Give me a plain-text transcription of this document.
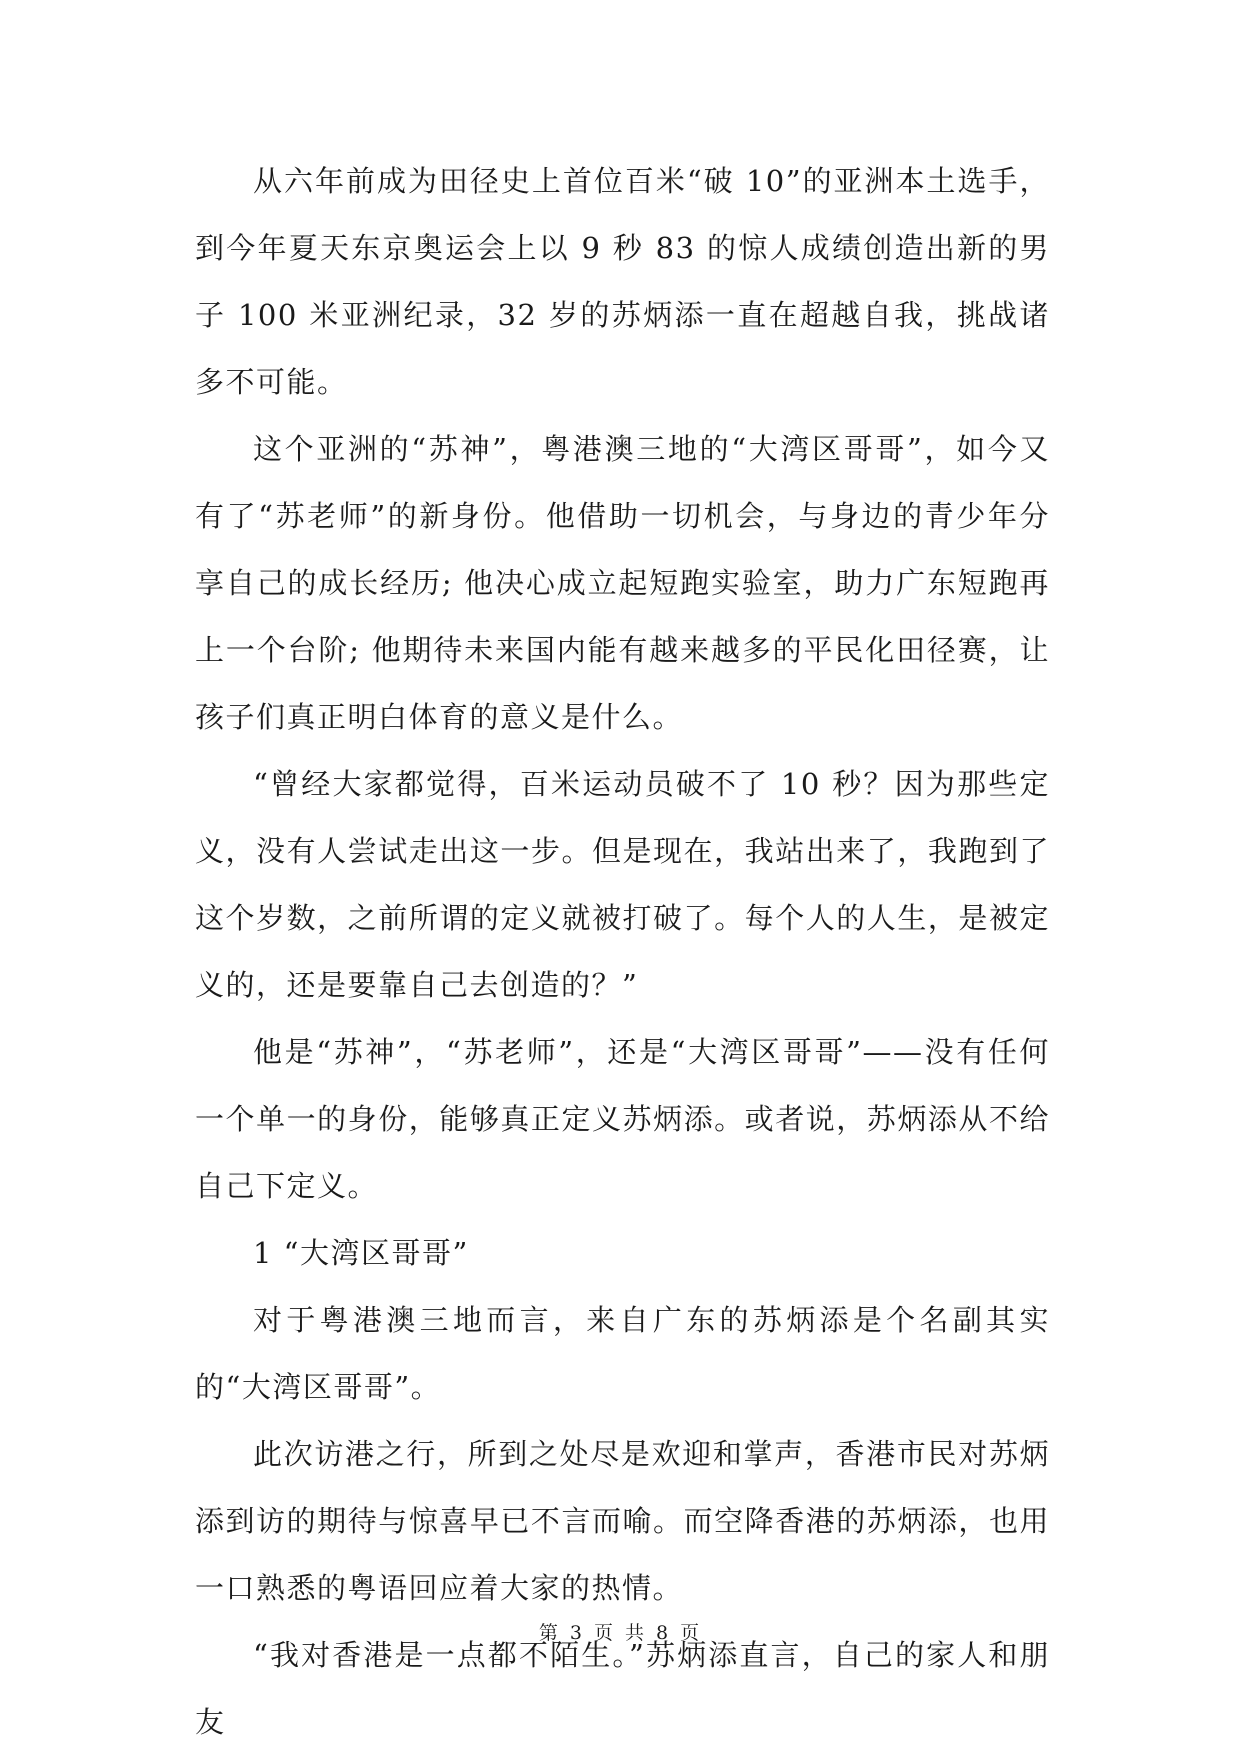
从六年前成为田径史上首位百米“破 10”的亚洲本土选手，到今年夏天东京奥运会上以 9 秒 83 的惊人成绩创造出新的男子 100 米亚洲纪录，32 岁的苏炳添一直在超越自我，挑战诸多不可能。

这个亚洲的“苏神”，粤港澳三地的“大湾区哥哥”，如今又有了“苏老师”的新身份。他借助一切机会，与身边的青少年分享自己的成长经历; 他决心成立起短跑实验室，助力广东短跑再上一个台阶; 他期待未来国内能有越来越多的平民化田径赛，让孩子们真正明白体育的意义是什么。

“曾经大家都觉得，百米运动员破不了 10 秒？因为那些定义，没有人尝试走出这一步。但是现在，我站出来了，我跑到了这个岁数，之前所谓的定义就被打破了。每个人的人生，是被定义的，还是要靠自己去创造的？”

他是“苏神”，“苏老师”，还是“大湾区哥哥”——没有任何一个单一的身份，能够真正定义苏炳添。或者说，苏炳添从不给自己下定义。

1 “大湾区哥哥”

对于粤港澳三地而言，来自广东的苏炳添是个名副其实的“大湾区哥哥”。

此次访港之行，所到之处尽是欢迎和掌声，香港市民对苏炳添到访的期待与惊喜早已不言而喻。而空降香港的苏炳添，也用一口熟悉的粤语回应着大家的热情。

“我对香港是一点都不陌生。”苏炳添直言，自己的家人和朋友

第 3 页 共 8 页
